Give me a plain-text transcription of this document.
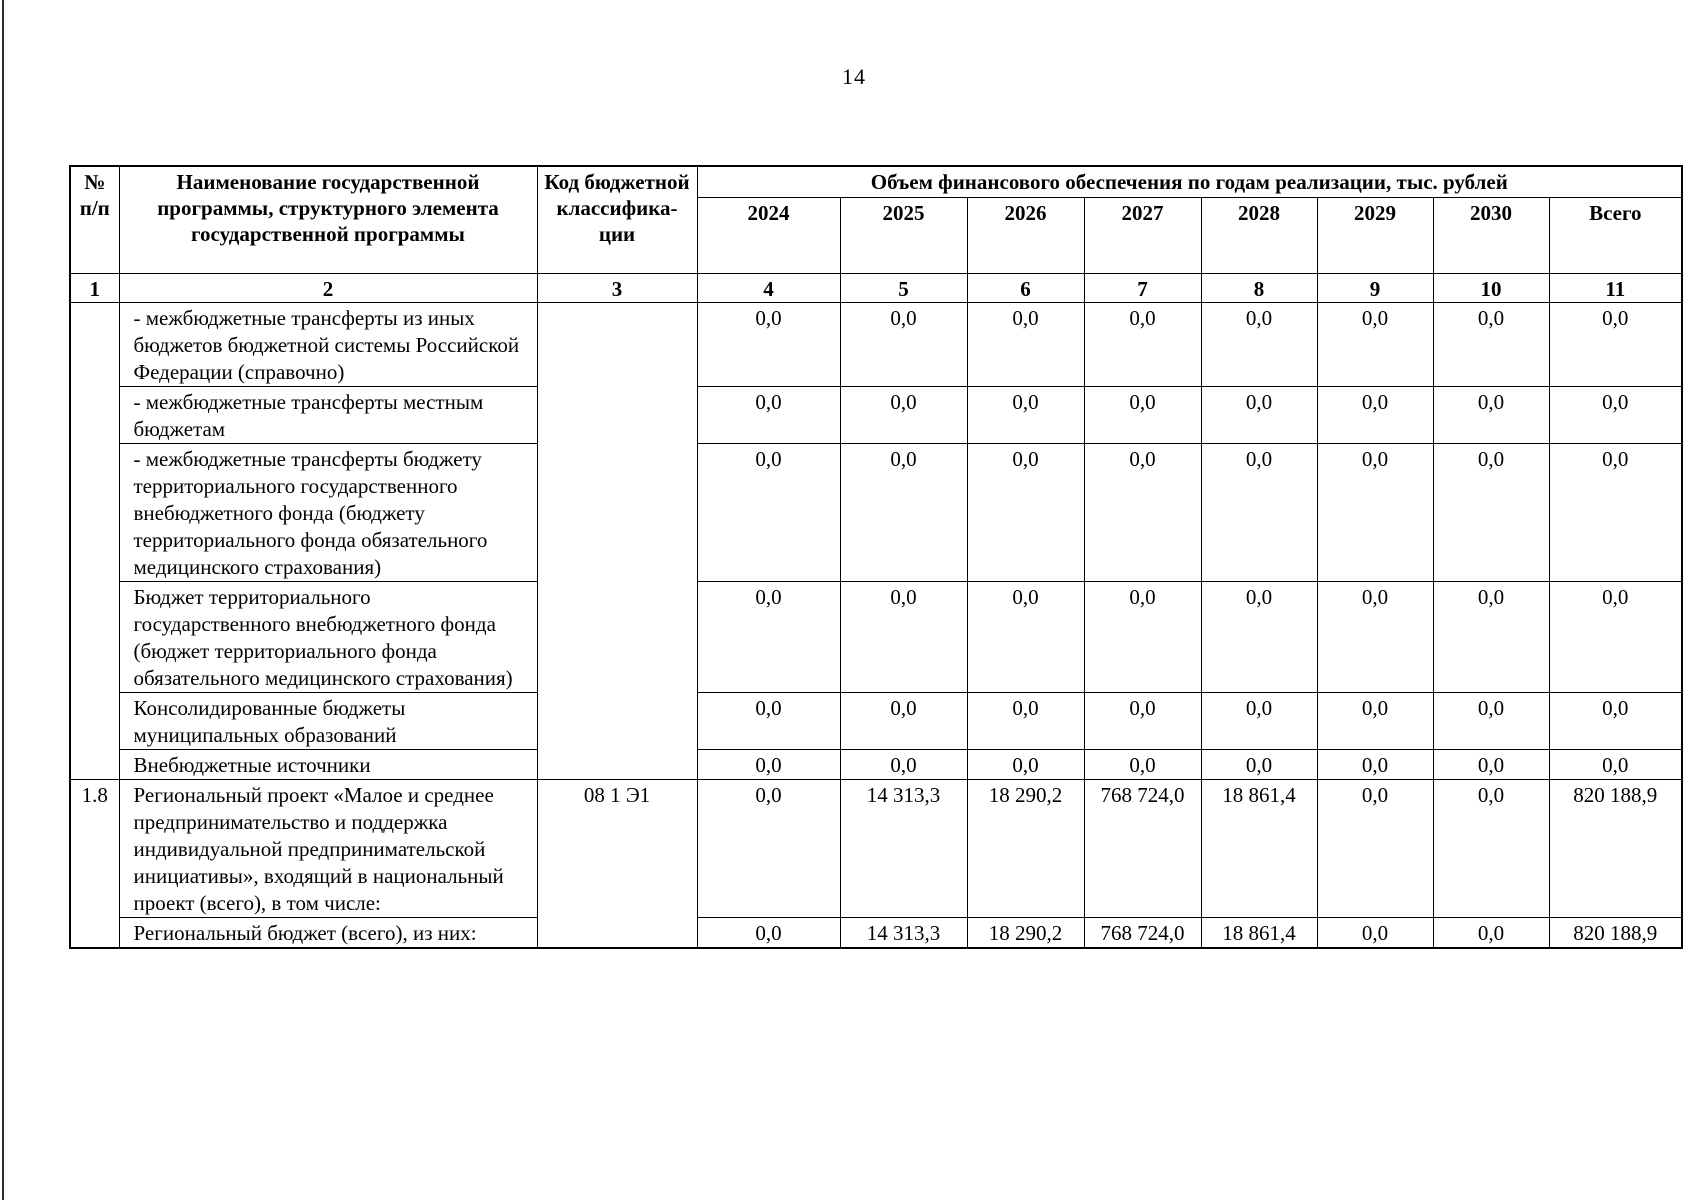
14
№ п/п	Наименование государственной программы, структурного элемента государственной программы	Код бюджетной классифика-ции	Объем финансового обеспечения по годам реализации, тыс. рублей							
			2024	2025	2026	2027	2028	2029	2030	Всего
1	2	3	4	5	6	7	8	9	10	11
	- межбюджетные трансферты из иных бюджетов бюджетной системы Российской Федерации (справочно)		0,0	0,0	0,0	0,0	0,0	0,0	0,0	0,0
	- межбюджетные трансферты местным бюджетам		0,0	0,0	0,0	0,0	0,0	0,0	0,0	0,0
	- межбюджетные трансферты бюджету территориального государственного внебюджетного фонда (бюджету территориального фонда обязательного медицинского страхования)		0,0	0,0	0,0	0,0	0,0	0,0	0,0	0,0
	Бюджет территориального государственного внебюджетного фонда (бюджет территориального фонда обязательного медицинского страхования)		0,0	0,0	0,0	0,0	0,0	0,0	0,0	0,0
	Консолидированные бюджеты муниципальных образований		0,0	0,0	0,0	0,0	0,0	0,0	0,0	0,0
	Внебюджетные источники		0,0	0,0	0,0	0,0	0,0	0,0	0,0	0,0
1.8	Региональный проект «Малое и среднее предпринимательство и поддержка индивидуальной предпринимательской инициативы», входящий в национальный проект (всего), в том числе:	08 1 Э1	0,0	14 313,3	18 290,2	768 724,0	18 861,4	0,0	0,0	820 188,9
	Региональный бюджет (всего), из них:		0,0	14 313,3	18 290,2	768 724,0	18 861,4	0,0	0,0	820 188,9
